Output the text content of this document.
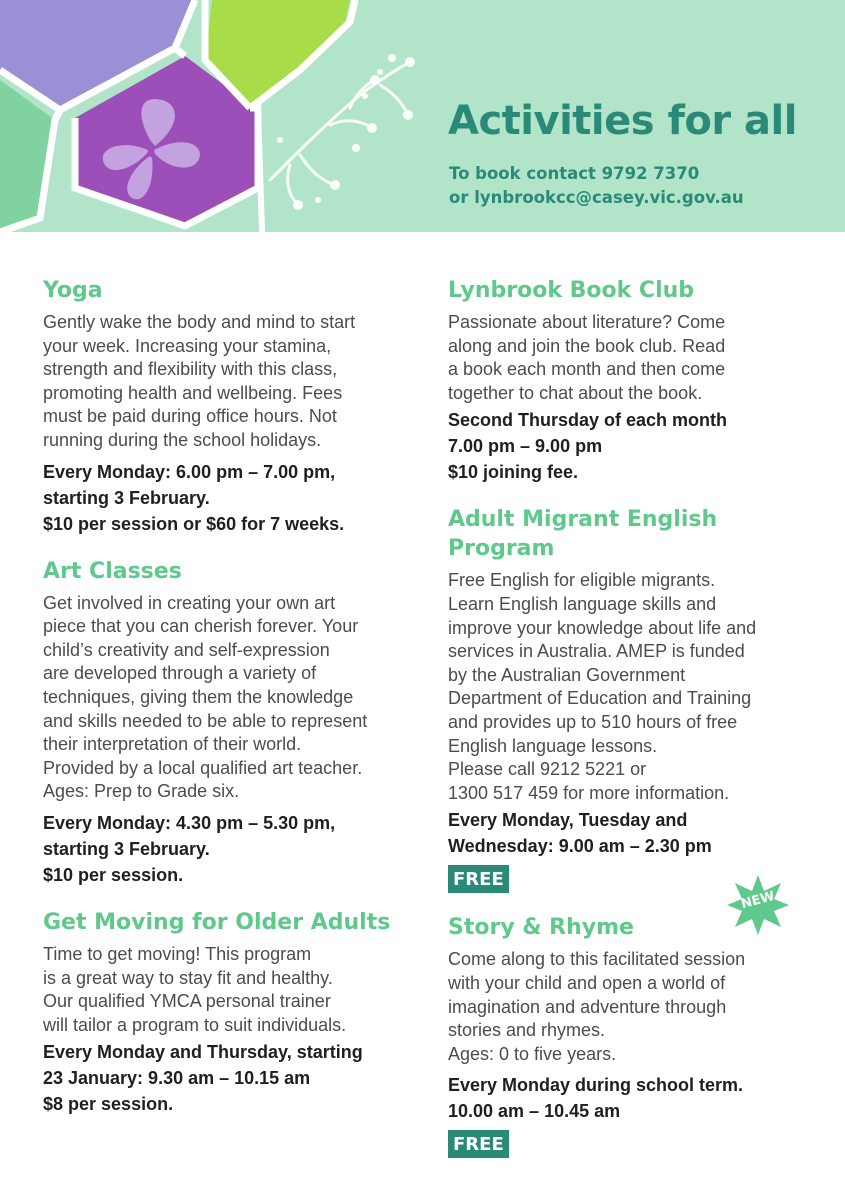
Activities for all

To book contact 9792 7370

or lynbrookcc@casey.vic.gov.au

Yoga

Gently wake the body and mind to start
your week. Increasing your stamina,
strength and flexibility with this class,
promoting health and wellbeing. Fees
must be paid during office hours. Not
running during the school holidays.

Every Monday: 6.00 pm – 7.00 pm,
starting 3 February.
$10 per session or $60 for 7 weeks.

Art Classes

Get involved in creating your own art
piece that you can cherish forever. Your
child’s creativity and self-expression
are developed through a variety of
techniques, giving them the knowledge
and skills needed to be able to represent
their interpretation of their world.
Provided by a local qualified art teacher.
Ages: Prep to Grade six.

Every Monday: 4.30 pm – 5.30 pm,
starting 3 February.
$10 per session.

Get Moving for Older Adults

Time to get moving! This program
is a great way to stay fit and healthy.
Our qualified YMCA personal trainer
will tailor a program to suit individuals.

Every Monday and Thursday, starting
23 January: 9.30 am – 10.15 am
$8 per session.

Lynbrook Book Club

Passionate about literature? Come
along and join the book club. Read
a book each month and then come
together to chat about the book.

Second Thursday of each month
7.00 pm – 9.00 pm
$10 joining fee.

Adult Migrant English
Program

Free English for eligible migrants.
Learn English language skills and
improve your knowledge about life and
services in Australia. AMEP is funded
by the Australian Government
Department of Education and Training
and provides up to 510 hours of free
English language lessons.
Please call 9212 5221 or
1300 517 459 for more information.

Every Monday, Tuesday and
Wednesday: 9.00 am – 2.30 pm

FREE
NEW
Story & Rhyme

Come along to this facilitated session
with your child and open a world of
imagination and adventure through
stories and rhymes.
Ages: 0 to five years.

Every Monday during school term.
10.00 am – 10.45 am

FREE
